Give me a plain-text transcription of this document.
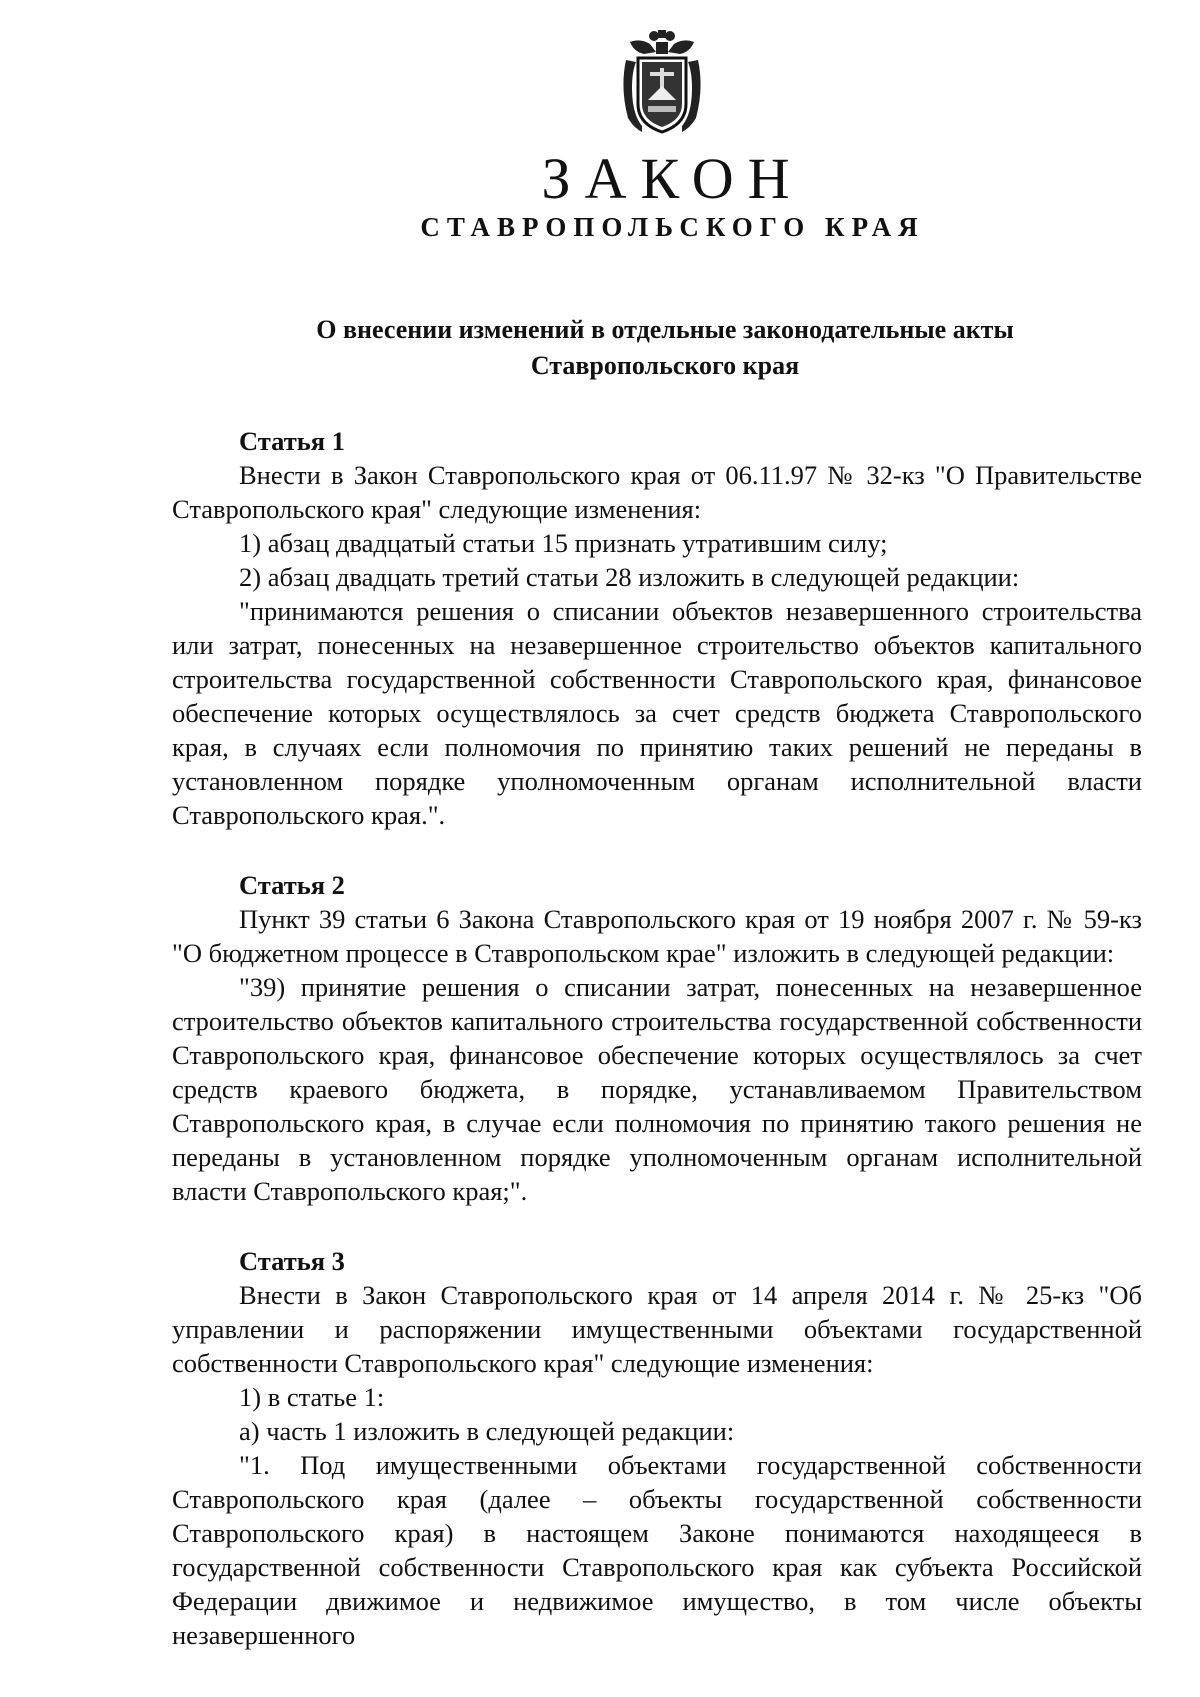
ЗАКОН
СТАВРОПОЛЬСКОГО КРАЯ
О внесении изменений в отдельные законодательные акты
Ставропольского края

Статья 1

Внести в Закон Ставропольского края от 06.11.97 № 32-кз "О Правительстве Ставропольского края" следующие изменения:

1) абзац двадцатый статьи 15 признать утратившим силу;

2) абзац двадцать третий статьи 28 изложить в следующей редакции:

"принимаются решения о списании объектов незавершенного строительства или затрат, понесенных на незавершенное строительство объектов капитального строительства государственной собственности Ставропольского края, финансовое обеспечение которых осуществлялось за счет средств бюджета Ставропольского края, в случаях если полномочия по принятию таких решений не переданы в установленном порядке уполномоченным органам исполнительной власти Ставропольского края.".

Статья 2

Пункт 39 статьи 6 Закона Ставропольского края от 19 ноября 2007 г. № 59-кз "О бюджетном процессе в Ставропольском крае" изложить в следующей редакции:

"39) принятие решения о списании затрат, понесенных на незавершенное строительство объектов капитального строительства государственной собственности Ставропольского края, финансовое обеспечение которых осуществлялось за счет средств краевого бюджета, в порядке, устанавливаемом Правительством Ставропольского края, в случае если полномочия по принятию такого решения не переданы в установленном порядке уполномоченным органам исполнительной власти Ставропольского края;".

Статья 3

Внести в Закон Ставропольского края от 14 апреля 2014 г. № 25-кз "Об управлении и распоряжении имущественными объектами государственной собственности Ставропольского края" следующие изменения:

1) в статье 1:

а) часть 1 изложить в следующей редакции:

"1. Под имущественными объектами государственной собственности Ставропольского края (далее – объекты государственной собственности Ставропольского края) в настоящем Законе понимаются находящееся в государственной собственности Ставропольского края как субъекта Российской Федерации движимое и недвижимое имущество, в том числе объекты незавершенного
